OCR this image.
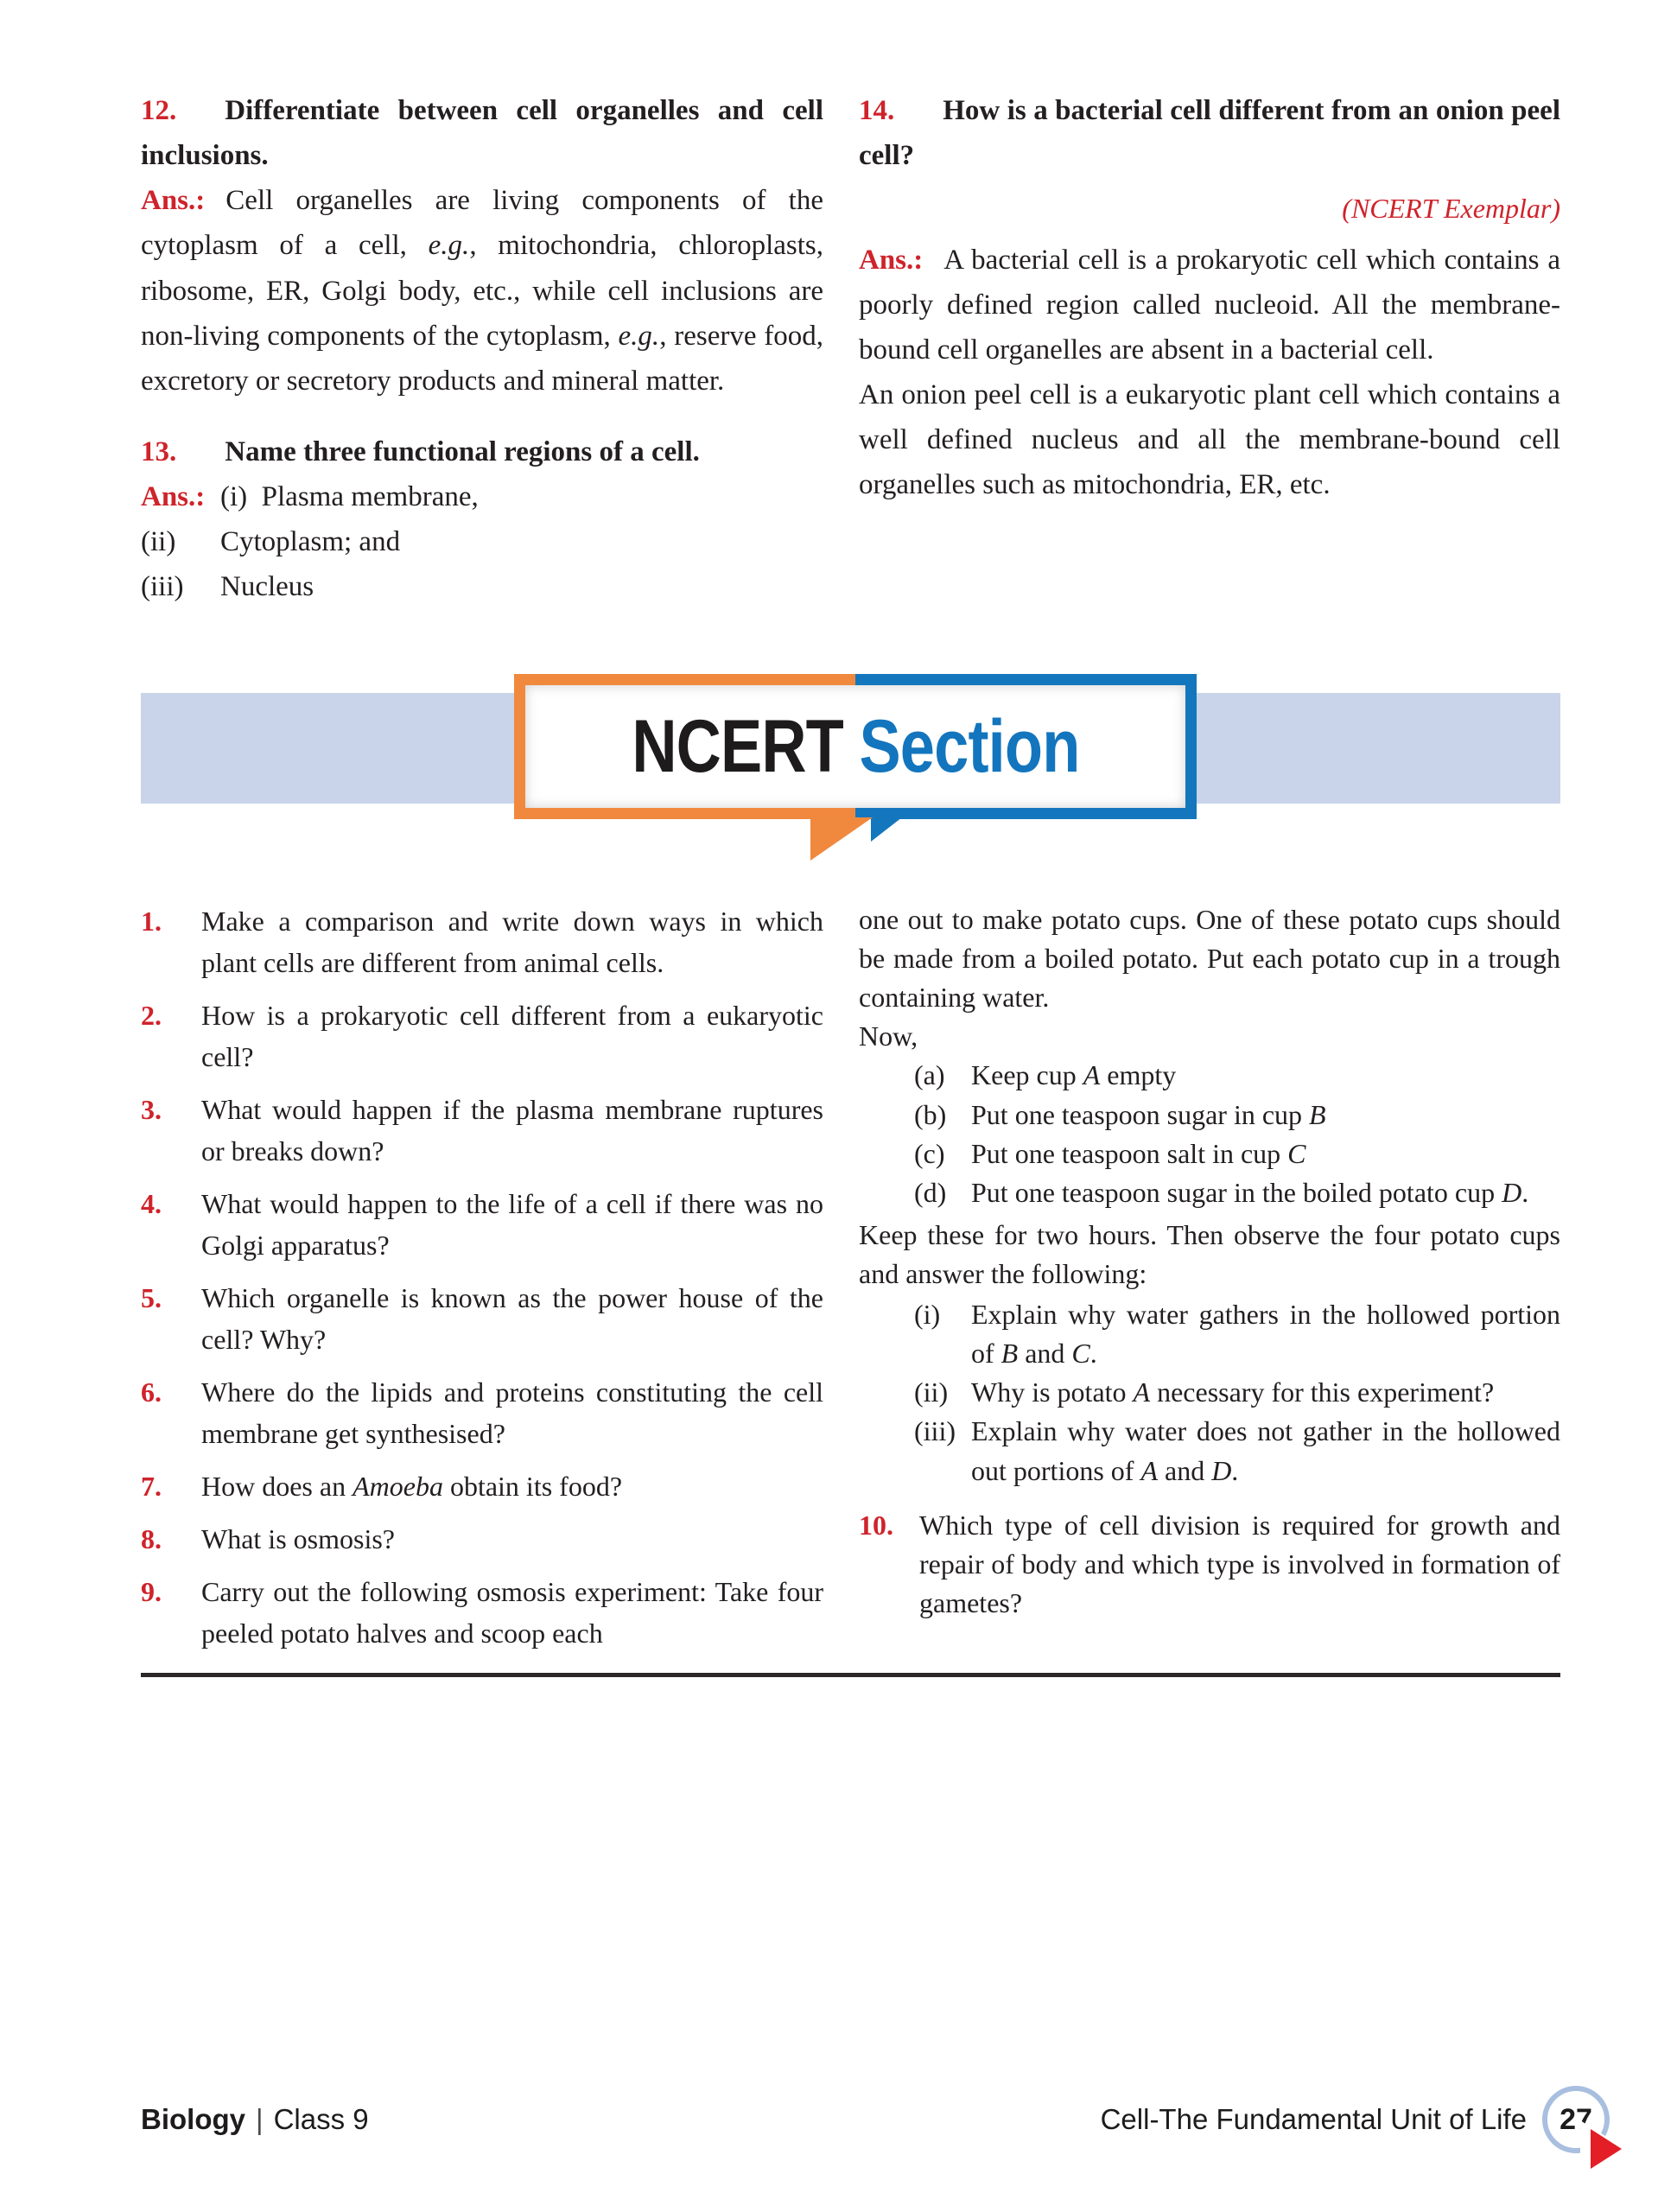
12. Differentiate between cell organelles and cell inclusions.

Ans.: Cell organelles are living components of the cytoplasm of a cell, e.g., mitochondria, chloroplasts, ribosome, ER, Golgi body, etc., while cell inclusions are non-living components of the cytoplasm, e.g., reserve food, excretory or secretory products and mineral matter.

13. Name three functional regions of a cell.

Ans.: (i)  Plasma membrane,
(ii)	Cytoplasm; and
(iii)	Nucleus

14. How is a bacterial cell different from an onion peel cell?

(NCERT Exemplar)

Ans.: A bacterial cell is a prokaryotic cell which contains a poorly defined region called nucleoid. All the membrane-bound cell organelles are absent in a bacterial cell.

An onion peel cell is a eukaryotic plant cell which contains a well defined nucleus and all the membrane-bound cell organelles such as mitochondria, ER, etc.

NCERT Section
1.	Make a comparison and write down ways in which plant cells are different from animal cells.
2.	How is a prokaryotic cell different from a eukaryotic cell?
3.	What would happen if the plasma membrane ruptures or breaks down?
4.	What would happen to the life of a cell if there was no Golgi apparatus?
5.	Which organelle is known as the power house of the cell? Why?
6.	Where do the lipids and proteins constituting the cell membrane get synthesised?
7.	How does an Amoeba obtain its food?
8.	What is osmosis?
9.	Carry out the following osmosis experiment: Take four peeled potato halves and scoop each

one out to make potato cups. One of these potato cups should be made from a boiled potato. Put each potato cup in a trough containing water.

Now,

(a) Keep cup A empty
(b) Put one teaspoon sugar in cup B
(c) Put one teaspoon salt in cup C
(d) Put one teaspoon sugar in the boiled potato cup D.

Keep these for two hours. Then observe the four potato cups and answer the following:

(i)	Explain why water gathers in the hollowed portion of B and C.
(ii) Why is potato A necessary for this experiment?
(iii) Explain why water does not gather in the hollowed out portions of A and D.
10. Which type of cell division is required for growth and repair of body and which type is involved in formation of gametes?
Biology | Class 9	Cell-The Fundamental Unit of Life 27
